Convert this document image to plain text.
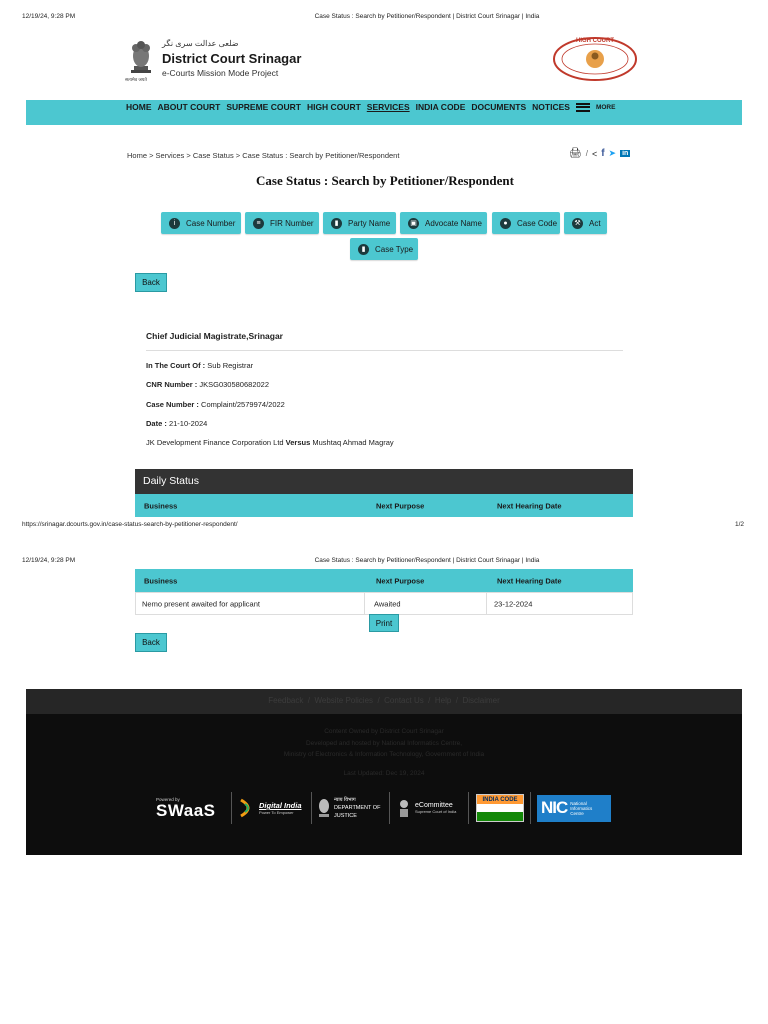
12/19/24, 9:28 PM	Case Status : Search by Petitioner/Respondent | District Court Srinagar | India
सत्यमेव जयते
ضلعی عدالت سری نگر
District Court Srinagar
e-Courts Mission Mode Project
HIGH COURT
HOME ABOUT COURT SUPREME COURT HIGH COURT SERVICES INDIA CODE DOCUMENTS NOTICES	MORE
Home > Services > Case Status > Case Status : Search by Petitioner/Respondent	🖨 / < f ➤ in
Case Status : Search by Petitioner/Respondent
i	Case Number	≡	FIR Number	▮	Party Name	▣ Advocate Name	●	Case Code	⚒ Act
▮	Case Type
Back
Chief Judicial Magistrate,Srinagar
In The Court Of : Sub Registrar
CNR Number : JKSG030580682022
Case Number : Complaint/2579974/2022
Date : 21-10-2024
JK Development Finance Corporation Ltd Versus Mushtaq Ahmad Magray
Daily Status
Business	Next Purpose	Next Hearing Date
https://srinagar.dcourts.gov.in/case-status-search-by-petitioner-respondent/	1/2
12/19/24, 9:28 PM	Case Status : Search by Petitioner/Respondent | District Court Srinagar | India
Business	Next Purpose	Next Hearing Date
Nemo present awaited for applicant	Awaited	23-12-2024
Print
Back
Feedback  /  Website Policies  /  Contact Us  /  Help  /  Disclaimer
Content Owned by District Court Srinagar
Developed and hosted by National Informatics Centre,
Ministry of Electronics & Information Technology, Government of India
Last Updated: Dec 19, 2024
Powered by
SWaaS	Digital India
Power To Empower
न्याय विभाग
DEPARTMENT OF JUSTICE
eCommittee
Supreme Court of India
INDIA CODE	NIC National Informatics Centre
